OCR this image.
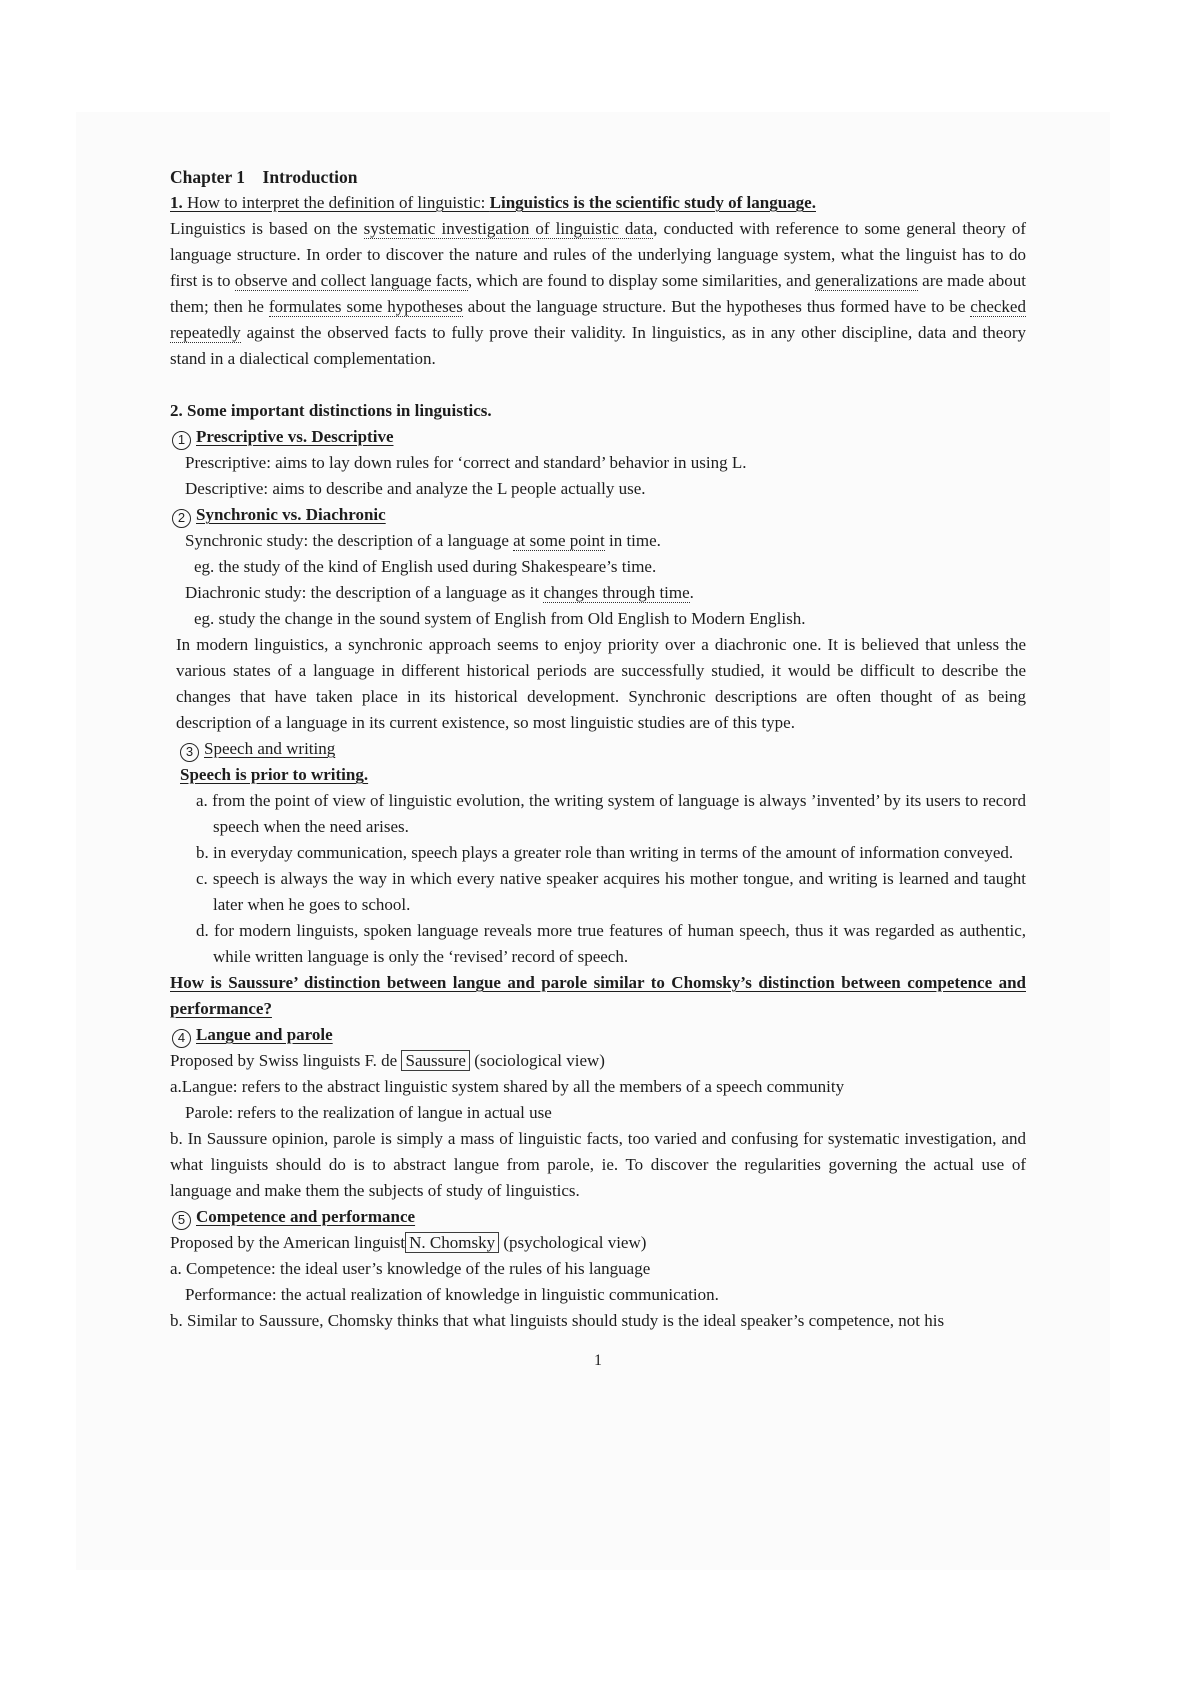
Chapter 1    Introduction
1. How to interpret the definition of linguistic: Linguistics is the scientific study of language.
Linguistics is based on the systematic investigation of linguistic data, conducted with reference to some general theory of language structure. In order to discover the nature and rules of the underlying language system, what the linguist has to do first is to observe and collect language facts, which are found to display some similarities, and generalizations are made about them; then he formulates some hypotheses about the language structure. But the hypotheses thus formed have to be checked repeatedly against the observed facts to fully prove their validity. In linguistics, as in any other discipline, data and theory stand in a dialectical complementation.
2. Some important distinctions in linguistics.
1 Prescriptive vs. Descriptive
Prescriptive: aims to lay down rules for ‘correct and standard’ behavior in using L.
Descriptive: aims to describe and analyze the L people actually use.
2 Synchronic vs. Diachronic
Synchronic study: the description of a language at some point in time.
eg. the study of the kind of English used during Shakespeare’s time.
Diachronic study: the description of a language as it changes through time.
eg. study the change in the sound system of English from Old English to Modern English.
In modern linguistics, a synchronic approach seems to enjoy priority over a diachronic one. It is believed that unless the various states of a language in different historical periods are successfully studied, it would be difficult to describe the changes that have taken place in its historical development. Synchronic descriptions are often thought of as being description of a language in its current existence, so most linguistic studies are of this type.
3 Speech and writing
Speech is prior to writing.
a. from the point of view of linguistic evolution, the writing system of language is always ’invented’ by its users to record speech when the need arises.
b. in everyday communication, speech plays a greater role than writing in terms of the amount of information conveyed.
c. speech is always the way in which every native speaker acquires his mother tongue, and writing is learned and taught later when he goes to school.
d. for modern linguists, spoken language reveals more true features of human speech, thus it was regarded as authentic, while written language is only the ‘revised’ record of speech.
How is Saussure’ distinction between langue and parole similar to Chomsky’s distinction between competence and performance?
4 Langue and parole
Proposed by Swiss linguists F. de Saussure (sociological view)
a.Langue: refers to the abstract linguistic system shared by all the members of a speech community
Parole: refers to the realization of langue in actual use
b. In Saussure opinion, parole is simply a mass of linguistic facts, too varied and confusing for systematic investigation, and what linguists should do is to abstract langue from parole, ie. To discover the regularities governing the actual use of language and make them the subjects of study of linguistics.
5 Competence and performance
Proposed by the American linguist N. Chomsky (psychological view)
a. Competence: the ideal user’s knowledge of the rules of his language
Performance: the actual realization of knowledge in linguistic communication.
b. Similar to Saussure, Chomsky thinks that what linguists should study is the ideal speaker’s competence, not his
1
